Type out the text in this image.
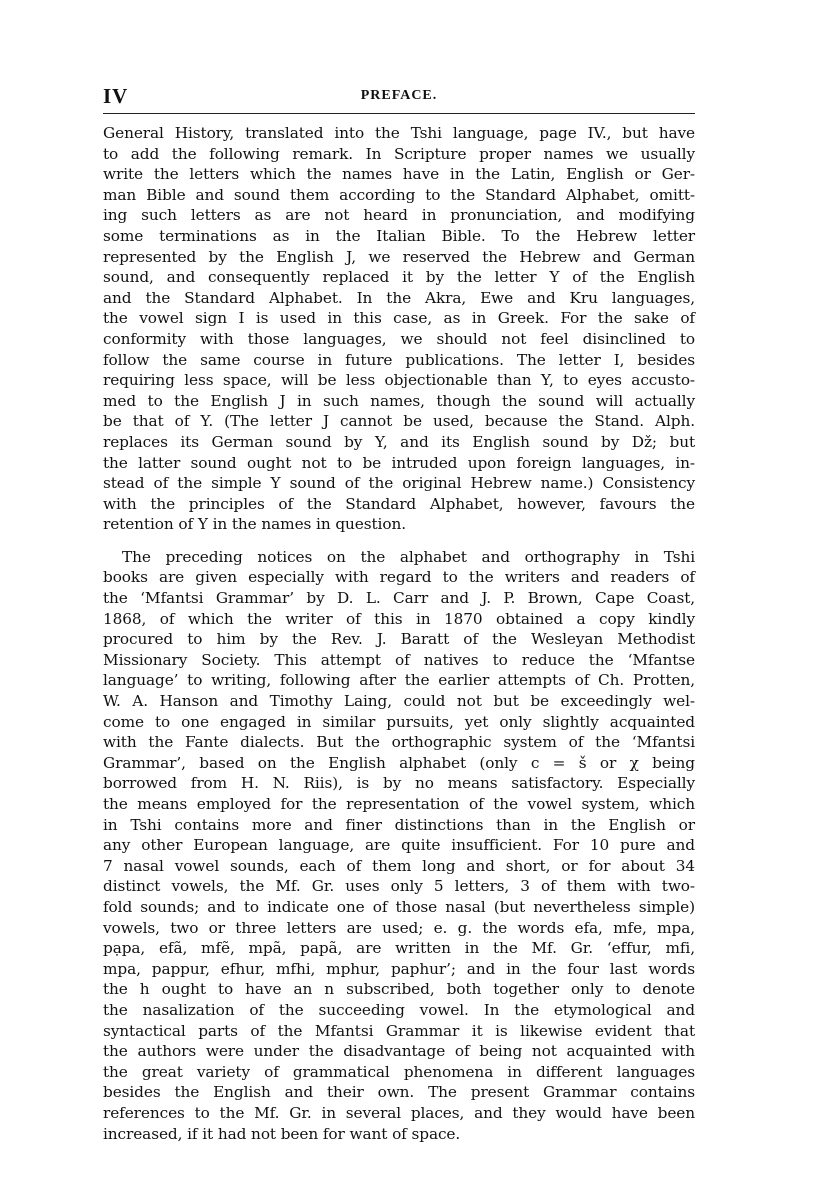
IV	PREFACE.
General History, translated into the Tshi language, page IV., but have
to add the following remark. In Scripture proper names we usually
write the letters which the names have in the Latin, English or Ger-
man Bible and sound them according to the Standard Alphabet, omitt-
ing such letters as are not heard in pronunciation, and modifying
some terminations as in the Italian Bible. To the Hebrew letter
represented by the English J, we reserved the Hebrew and German
sound, and consequently replaced it by the letter Y of the English
and the Standard Alphabet. In the Akra, Ewe and Kru languages,
the vowel sign I is used in this case, as in Greek. For the sake of
conformity with those languages, we should not feel disinclined to
follow the same course in future publications. The letter I, besides
requiring less space, will be less objectionable than Y, to eyes accusto-
med to the English J in such names, though the sound will actually
be that of Y. (The letter J cannot be used, because the Stand. Alph.
replaces its German sound by Y, and its English sound by Dž; but
the latter sound ought not to be intruded upon foreign languages, in-
stead of the simple Y sound of the original Hebrew name.) Consistency
with the principles of the Standard Alphabet, however, favours the
retention of Y in the names in question.
The preceding notices on the alphabet and orthography in Tshi
books are given especially with regard to the writers and readers of
the ‘Mfantsi Grammar’ by D. L. Carr and J. P. Brown, Cape Coast,
1868, of which the writer of this in 1870 obtained a copy kindly
procured to him by the Rev. J. Baratt of the Wesleyan Methodist
Missionary Society. This attempt of natives to reduce the ‘Mfantse
language’ to writing, following after the earlier attempts of Ch. Protten,
W. A. Hanson and Timothy Laing, could not but be exceedingly wel-
come to one engaged in similar pursuits, yet only slightly acquainted
with the Fante dialects. But the orthographic system of the ‘Mfantsi
Grammar’, based on the English alphabet (only c = š or χ being
borrowed from H. N. Riis), is by no means satisfactory. Especially
the means employed for the representation of the vowel system, which
in Tshi contains more and finer distinctions than in the English or
any other European language, are quite insufficient. For 10 pure and
7 nasal vowel sounds, each of them long and short, or for about 34
distinct vowels, the Mf. Gr. uses only 5 letters, 3 of them with two-
fold sounds; and to indicate one of those nasal (but nevertheless simple)
vowels, two or three letters are used; e. g. the words efa, mfe, mpa,
pạpa, efã, mfẽ, mpã, papã, are written in the Mf. Gr. ‘effur, mfi,
mpa, pappur, efhur, mfhi, mphur, paphur’; and in the four last words
the h ought to have an n subscribed, both together only to denote
the nasalization of the succeeding vowel. In the etymological and
syntactical parts of the Mfantsi Grammar it is likewise evident that
the authors were under the disadvantage of being not acquainted with
the great variety of grammatical phenomena in different languages
besides the English and their own. The present Grammar contains
references to the Mf. Gr. in several places, and they would have been
increased, if it had not been for want of space.
